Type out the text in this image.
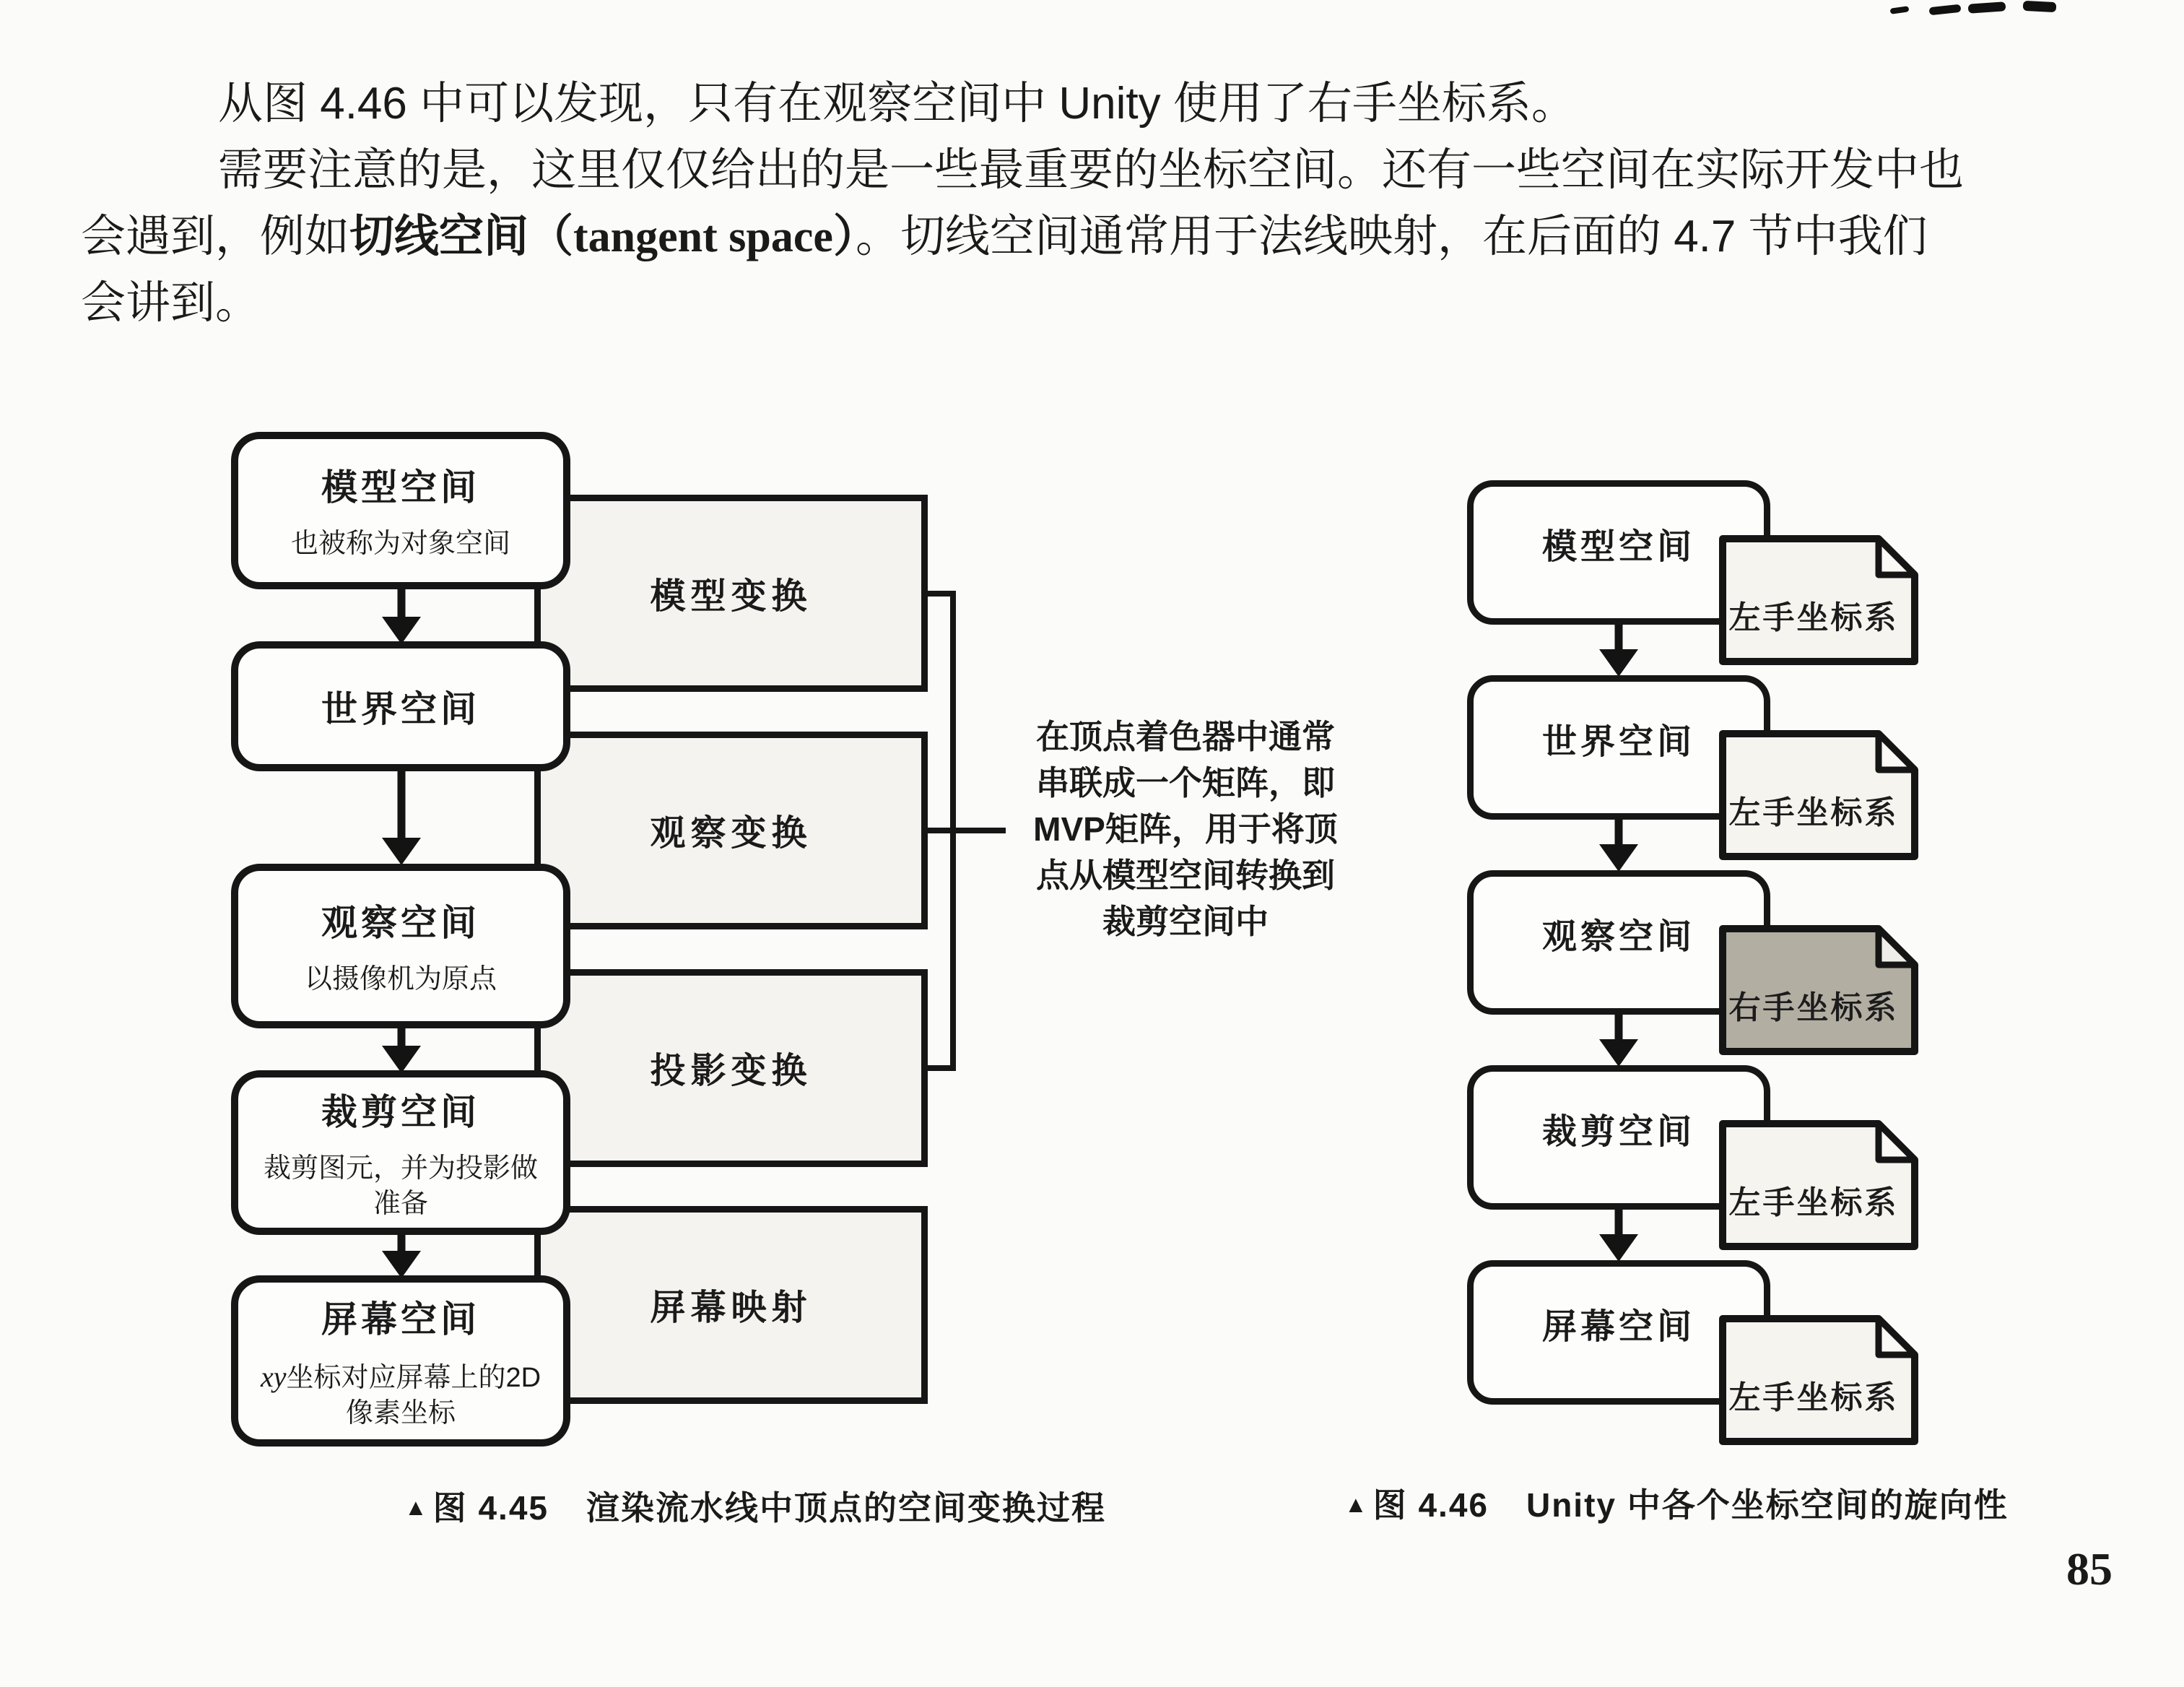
从图 4.46 中可以发现，只有在观察空间中 Unity 使用了右手坐标系。
需要注意的是，这里仅仅给出的是一些最重要的坐标空间。还有一些空间在实际开发中也
会遇到，例如切线空间（tangent space）。切线空间通常用于法线映射，在后面的 4.7 节中我们
会讲到。
模型变换
观察变换
投影变换
屏幕映射
在顶点着色器中通常
串联成一个矩阵，即
MVP矩阵，用于将顶
点从模型空间转换到
裁剪空间中
模型空间
也被称为对象空间
世界空间
观察空间
以摄像机为原点
裁剪空间
裁剪图元，并为投影做准备
屏幕空间
xy坐标对应屏幕上的2D像素坐标
▲ 图 4.45 渲染流水线中顶点的空间变换过程
模型空间
世界空间
观察空间
裁剪空间
屏幕空间
左手坐标系
左手坐标系
右手坐标系
左手坐标系
左手坐标系
▲ 图 4.46 Unity 中各个坐标空间的旋向性
85
